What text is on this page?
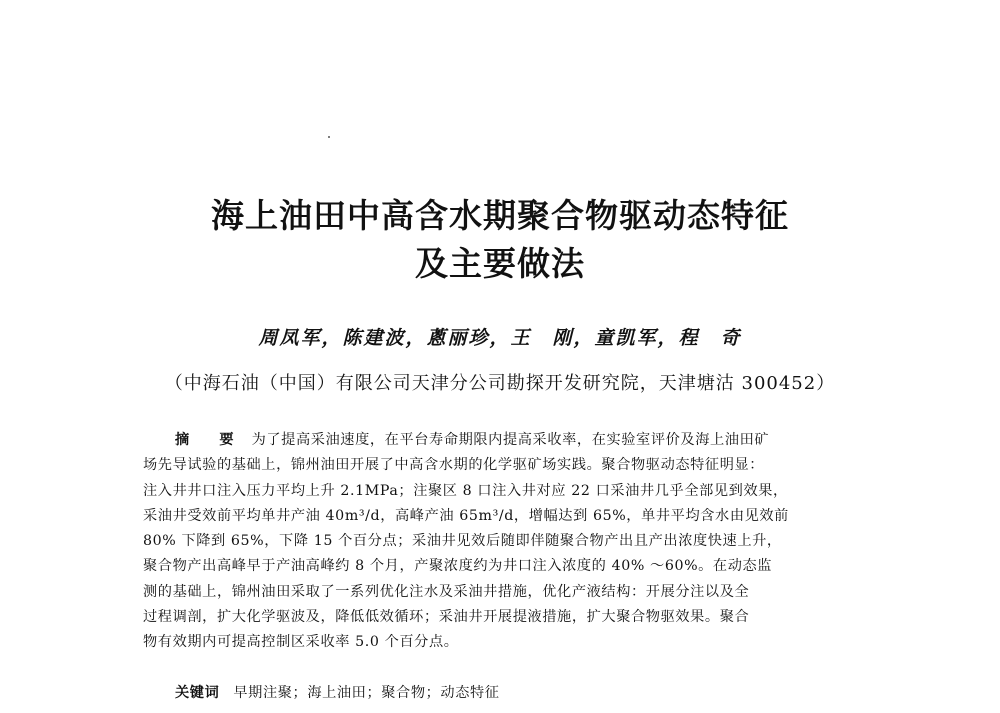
海上油田中高含水期聚合物驱动态特征
及主要做法
周凤军，陈建波，蔥丽珍，王　刚，童凯军，程　奇
（中海石油（中国）有限公司天津分公司勘探开发研究院，天津塘沽 300452）
摘　要 为了提高采油速度，在平台寿命期限内提高采收率，在实验室评价及海上油田矿
场先导试验的基础上，锦州油田开展了中高含水期的化学驱矿场实践。聚合物驱动态特征明显：
注入井井口注入压力平均上升 2.1MPa；注聚区 8 口注入井对应 22 口采油井几乎全部见到效果，
采油井受效前平均单井产油 40m³/d，高峰产油 65m³/d，增幅达到 65%，单井平均含水由见效前
80% 下降到 65%，下降 15 个百分点；采油井见效后随即伴随聚合物产出且产出浓度快速上升，
聚合物产出高峰早于产油高峰约 8 个月，产聚浓度约为井口注入浓度的 40% ～60%。在动态监
测的基础上，锦州油田采取了一系列优化注水及采油井措施，优化产液结构：开展分注以及全
过程调剖，扩大化学驱波及，降低低效循环；采油井开展提液措施，扩大聚合物驱效果。聚合
物有效期内可提高控制区采收率 5.0 个百分点。
关键词 早期注聚；海上油田；聚合物；动态特征
